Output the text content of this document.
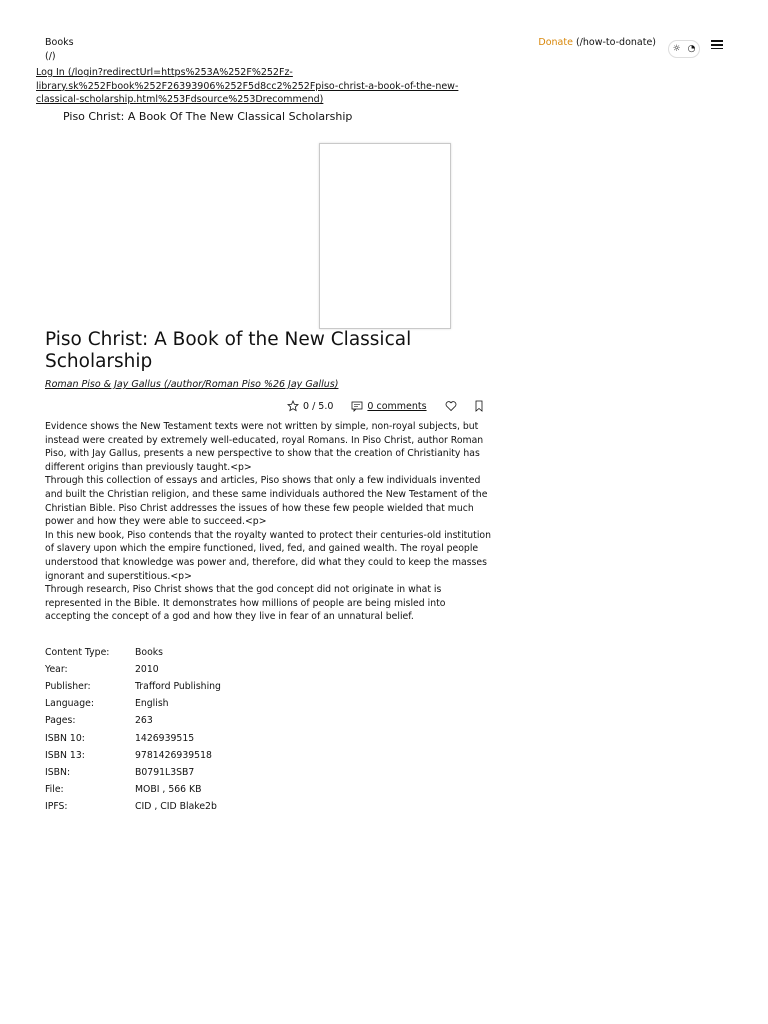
Books
(/)
Donate (/how-to-donate)
☼ ◔
Log In (/login?redirectUrl=https%253A%252F%252Fz-library.sk%252Fbook%252F26393906%252F5d8cc2%252Fpiso-christ-a-book-of-the-new-classical-scholarship.html%253Fdsource%253Drecommend)
Piso Christ: A Book Of The New Classical Scholarship
Piso Christ: A Book of the New Classical Scholarship
Roman Piso & Jay Gallus (/author/Roman Piso %26 Jay Gallus)
0 / 5.0	0 comments

Evidence shows the New Testament texts were not written by simple, non-royal subjects, but instead were created by extremely well-educated, royal Romans. In Piso Christ, author Roman Piso, with Jay Gallus, presents a new perspective to show that the creation of Christianity has different origins than previously taught.<p>

Through this collection of essays and articles, Piso shows that only a few individuals invented and built the Christian religion, and these same individuals authored the New Testament of the Christian Bible. Piso Christ addresses the issues of how these few people wielded that much power and how they were able to succeed.<p>

In this new book, Piso contends that the royalty wanted to protect their centuries-old institution of slavery upon which the empire functioned, lived, fed, and gained wealth. The royal people understood that knowledge was power and, therefore, did what they could to keep the masses ignorant and superstitious.<p>

Through research, Piso Christ shows that the god concept did not originate in what is represented in the Bible. It demonstrates how millions of people are being misled into accepting the concept of a god and how they live in fear of an unnatural belief.

Content Type:	Books
Year:	2010
Publisher:	Trafford Publishing
Language:	English
Pages:	263
ISBN 10:	1426939515
ISBN 13:	9781426939518
ISBN:	B0791L3SB7
File:	MOBI , 566 KB
IPFS:	CID , CID Blake2b
